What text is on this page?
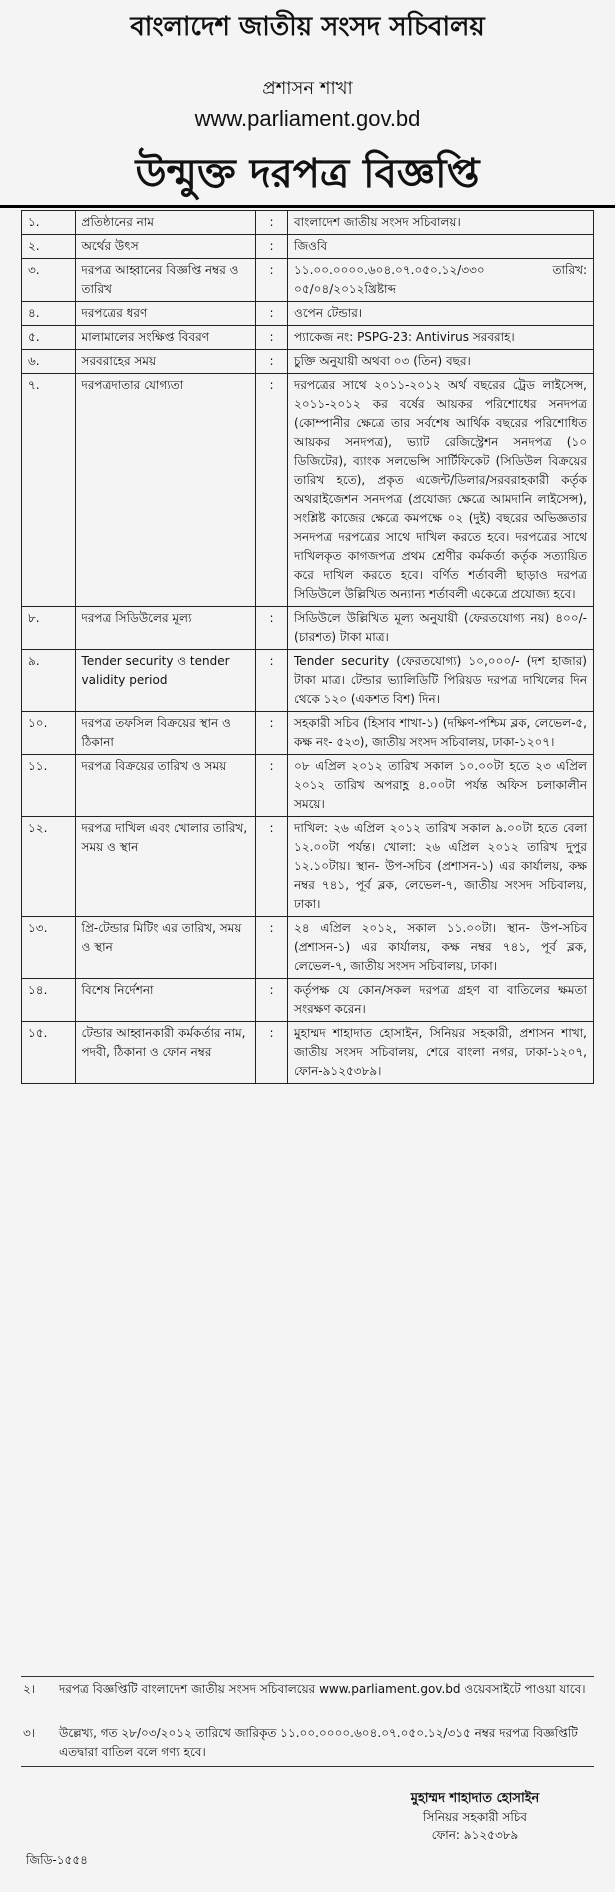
বাংলাদেশ জাতীয় সংসদ সচিবালয়
প্রশাসন শাখা
www.parliament.gov.bd
উন্মুক্ত দরপত্র বিজ্ঞপ্তি
১.	প্রতিষ্ঠানের নাম	:	বাংলাদেশ জাতীয় সংসদ সচিবালয়।
২.	অর্থের উৎস	:	জিওবি
৩.	দরপত্র আহ্বানের বিজ্ঞপ্তি নম্বর ও তারিখ	:	১১.০০.০০০০.৬০৪.০৭.০৫০.১২/৩৩০ তারিখ: ০৫/০৪/২০১২খ্রিষ্টাব্দ
৪.	দরপত্রের ধরণ	:	ওপেন টেন্ডার।
৫.	মালামালের সংক্ষিপ্ত বিবরণ	:	প্যাকেজ নং: PSPG-23: Antivirus সরবরাহ।
৬.	সরবরাহের সময়	:	চুক্তি অনুযায়ী অথবা ০৩ (তিন) বছর।
৭.	দরপত্রদাতার যোগ্যতা	:	দরপত্রের সাথে ২০১১-২০১২ অর্থ বছরের ট্রেড লাইসেন্স, ২০১১-২০১২ কর বর্ষের আয়কর পরিশোধের সনদপত্র (কোম্পানীর ক্ষেত্রে তার সর্বশেষ আর্থিক বছরের পরিশোধিত আয়কর সনদপত্র), ভ্যাট রেজিস্ট্রেশন সনদপত্র (১০ ডিজিটের), ব্যাংক সলভেন্সি সার্টিফিকেট (সিডিউল বিক্রয়ের তারিখ হতে), প্রকৃত এজেন্ট/ডিলার/সরবরাহকারী কর্তৃক অথরাইজেশন সনদপত্র (প্রযোজ্য ক্ষেত্রে আমদানি লাইসেন্স), সংশ্লিষ্ট কাজের ক্ষেত্রে কমপক্ষে ০২ (দুই) বছরের অভিজ্ঞতার সনদপত্র দরপত্রের সাথে দাখিল করতে হবে। দরপত্রের সাথে দাখিলকৃত কাগজপত্র প্রথম শ্রেণীর কর্মকর্তা কর্তৃক সত্যায়িত করে দাখিল করতে হবে। বর্ণিত শর্তাবলী ছাড়াও দরপত্র সিডিউলে উল্লিখিত অন্যান্য শর্তাবলী একেত্রে প্রযোজ্য হবে।
৮.	দরপত্র সিডিউলের মূল্য	:	সিডিউলে উল্লিখিত মূল্য অনুযায়ী (ফেরতযোগ্য নয়) ৪০০/- (চারশত) টাকা মাত্র।
৯.	Tender security ও tender validity period	:	Tender security (ফেরতযোগ্য) ১০,০০০/- (দশ হাজার) টাকা মাত্র। টেন্ডার ভ্যালিডিটি পিরিয়ড দরপত্র দাখিলের দিন থেকে ১২০ (একশত বিশ) দিন।
১০.	দরপত্র তফসিল বিক্রয়ের স্থান ও ঠিকানা	:	সহকারী সচিব (হিসাব শাখা-১) (দক্ষিণ-পশ্চিম ব্লক, লেভেল-৫, কক্ষ নং- ৫২৩), জাতীয় সংসদ সচিবালয়, ঢাকা-১২০৭।
১১.	দরপত্র বিক্রয়ের তারিখ ও সময়	:	০৮ এপ্রিল ২০১২ তারিখ সকাল ১০.০০টা হতে ২৩ এপ্রিল ২০১২ তারিখ অপরাহ্ণ ৪.০০টা পর্যন্ত অফিস চলাকালীন সময়ে।
১২.	দরপত্র দাখিল এবং খোলার তারিখ, সময় ও স্থান	:	দাখিল: ২৬ এপ্রিল ২০১২ তারিখ সকাল ৯.০০টা হতে বেলা ১২.০০টা পর্যন্ত। খোলা: ২৬ এপ্রিল ২০১২ তারিখ দুপুর ১২.১০টায়। স্থান- উপ-সচিব (প্রশাসন-১) এর কার্যালয়, কক্ষ নম্বর ৭৪১, পূর্ব ব্লক, লেভেল-৭, জাতীয় সংসদ সচিবালয়, ঢাকা।
১৩.	প্রি-টেন্ডার মিটিং এর তারিখ, সময় ও স্থান	:	২৪ এপ্রিল ২০১২, সকাল ১১.০০টা। স্থান- উপ-সচিব (প্রশাসন-১) এর কার্যালয়, কক্ষ নম্বর ৭৪১, পূর্ব ব্লক, লেভেল-৭, জাতীয় সংসদ সচিবালয়, ঢাকা।
১৪.	বিশেষ নির্দেশনা	:	কর্তৃপক্ষ যে কোন/সকল দরপত্র গ্রহণ বা বাতিলের ক্ষমতা সংরক্ষণ করেন।
১৫.	টেন্ডার আহ্বানকারী কর্মকর্তার নাম, পদবী, ঠিকানা ও ফোন নম্বর	:	মুহাম্মদ শাহাদাত হোসাইন, সিনিয়র সহকারী, প্রশাসন শাখা, জাতীয় সংসদ সচিবালয়, শেরে বাংলা নগর, ঢাকা-১২০৭, ফোন-৯১২৫৩৮৯।
২।	দরপত্র বিজ্ঞপ্তিটি বাংলাদেশ জাতীয় সংসদ সচিবালয়ের www.parliament.gov.bd ওয়েবসাইটে পাওয়া যাবে।
৩।	উল্লেখ্য, গত ২৮/০৩/২০১২ তারিখে জারিকৃত ১১.০০.০০০০.৬০৪.০৭.০৫০.১২/৩১৫ নম্বর দরপত্র বিজ্ঞপ্তিটি এতদ্বারা বাতিল বলে গণ্য হবে।
মুহাম্মদ শাহাদাত হোসাইন
সিনিয়র সহকারী সচিব
ফোন: ৯১২৫৩৮৯
জিডি-১৫৫৪
